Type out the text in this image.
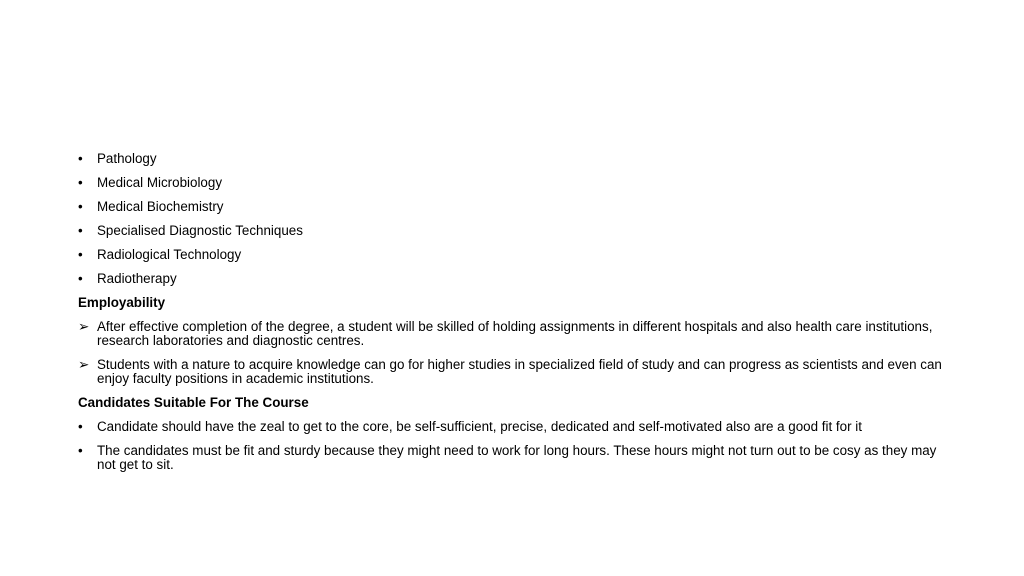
•	Pathology
•	Medical Microbiology
•	Medical Biochemistry
•	Specialised Diagnostic Techniques
•	Radiological Technology
•	Radiotherapy
Employability
➢ After effective completion of the degree, a student will be skilled of holding assignments in different hospitals and also health care institutions, research laboratories and diagnostic centres.
➢ Students with a nature to acquire knowledge can go for higher studies in specialized field of study and can progress as scientists and even can enjoy faculty positions in academic institutions.
Candidates Suitable For The Course
•	Candidate should have the zeal to get to the core, be self-sufficient, precise, dedicated and self-motivated also are a good fit for it
•	The candidates must be fit and sturdy because they might need to work for long hours. These hours might not turn out to be cosy as they may not get to sit.
